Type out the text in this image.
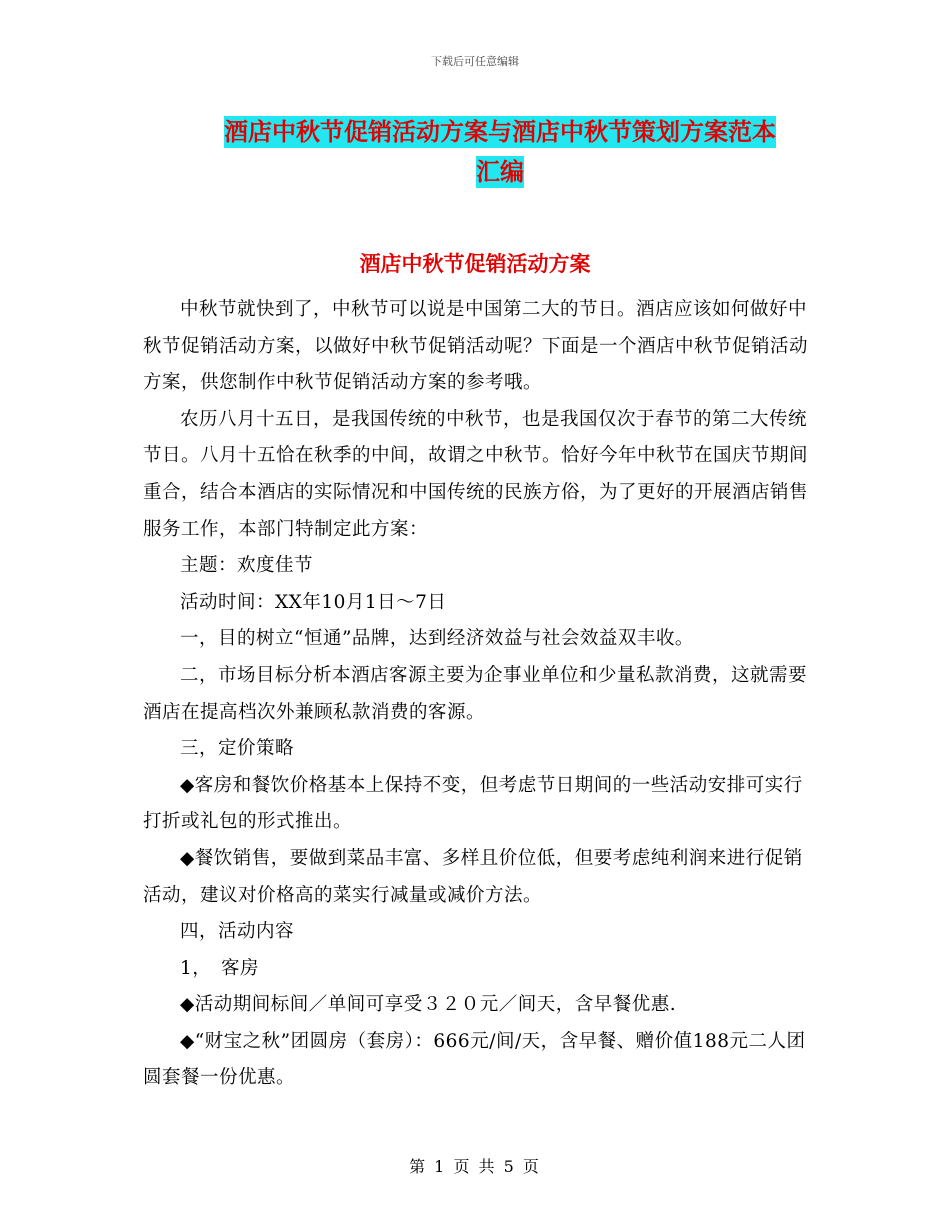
下载后可任意编辑
酒店中秋节促销活动方案与酒店中秋节策划方案范本
汇编
酒店中秋节促销活动方案

中秋节就快到了，中秋节可以说是中国第二大的节日。酒店应该如何做好中秋节促销活动方案，以做好中秋节促销活动呢？下面是一个酒店中秋节促销活动方案，供您制作中秋节促销活动方案的参考哦。

农历八月十五日，是我国传统的中秋节，也是我国仅次于春节的第二大传统节日。八月十五恰在秋季的中间，故谓之中秋节。恰好今年中秋节在国庆节期间重合，结合本酒店的实际情况和中国传统的民族方俗，为了更好的开展酒店销售服务工作，本部门特制定此方案：

主题：欢度佳节

活动时间：XX年10月1日～7日

一，目的树立“恒通”品牌，达到经济效益与社会效益双丰收。

二，市场目标分析本酒店客源主要为企事业单位和少量私款消费，这就需要酒店在提高档次外兼顾私款消费的客源。

三，定价策略

◆客房和餐饮价格基本上保持不变，但考虑节日期间的一些活动安排可实行打折或礼包的形式推出。

◆餐饮销售，要做到菜品丰富、多样且价位低，但要考虑纯利润来进行促销活动，建议对价格高的菜实行减量或减价方法。

四，活动内容

1，　客房

◆活动期间标间／单间可享受３２０元／间天，含早餐优惠.

◆“财宝之秋”团圆房（套房）：666元/间/天，含早餐、赠价值188元二人团圆套餐一份优惠。

第 1 页 共 5 页
